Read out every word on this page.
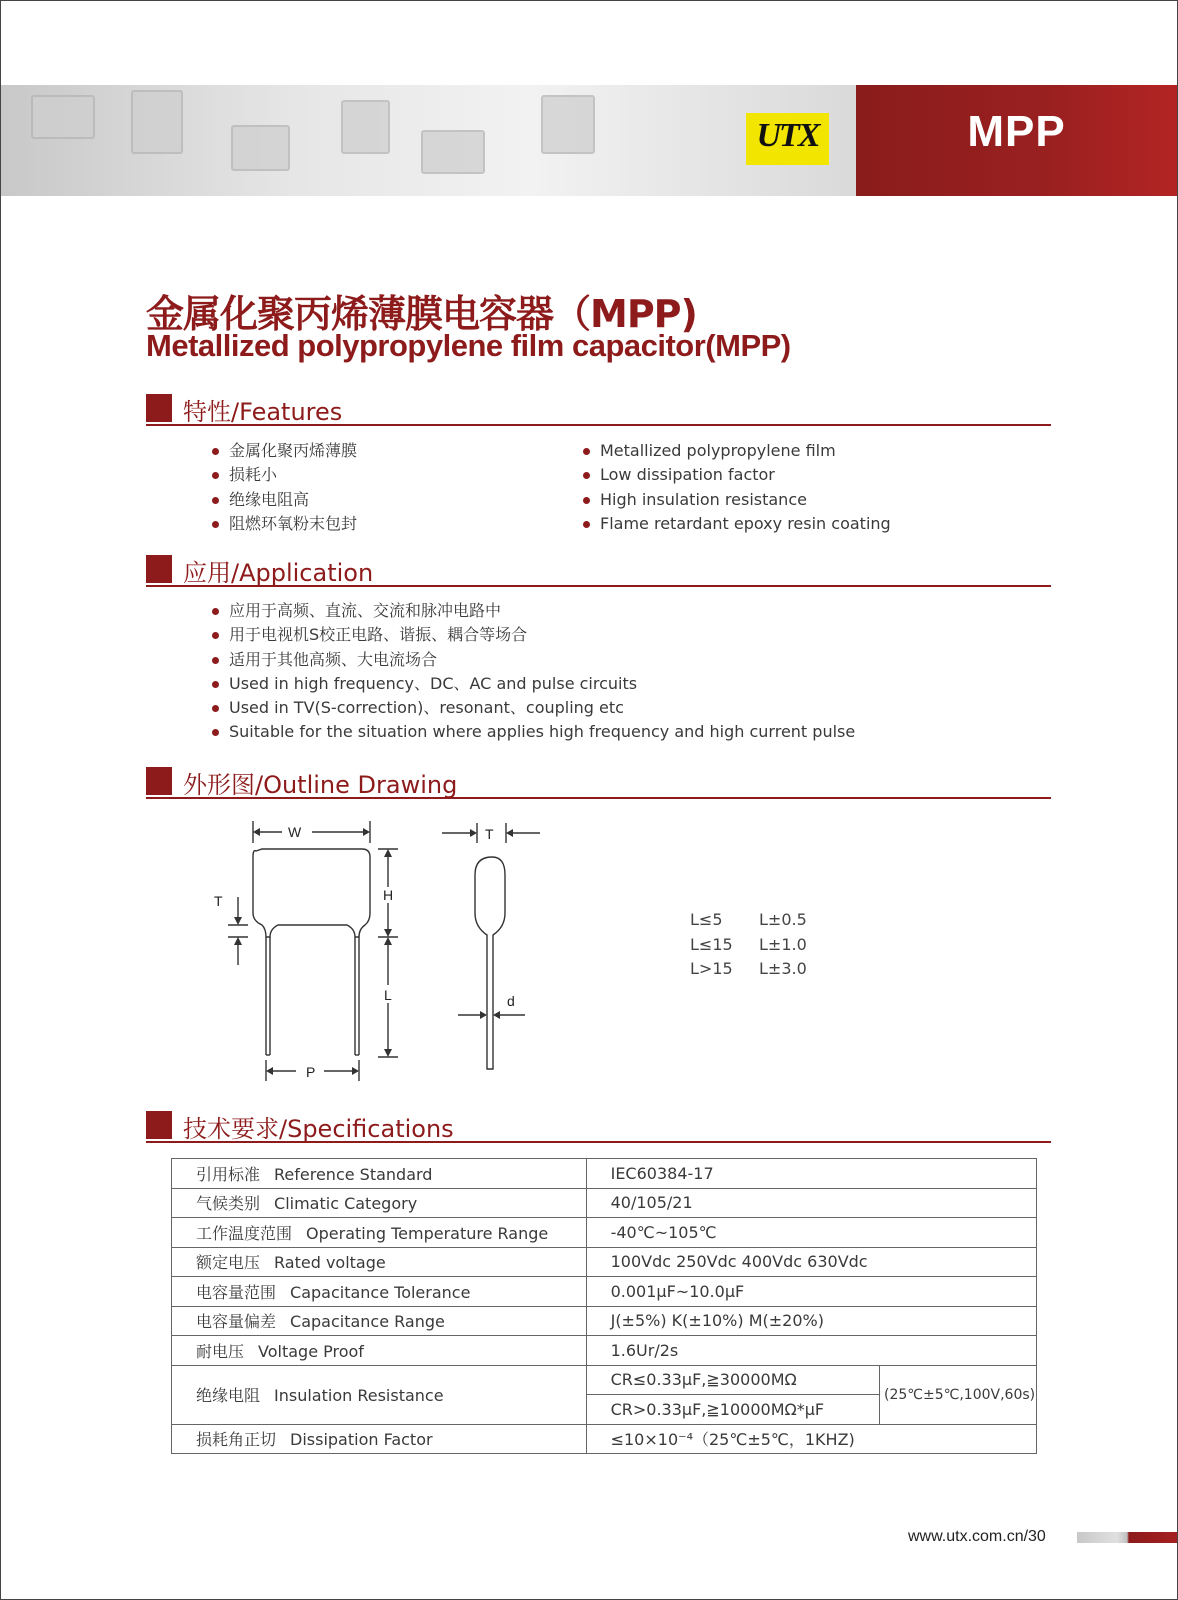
UTX	MPP
金属化聚丙烯薄膜电容器（MPP)
Metallized polypropylene film capacitor(MPP)
特性/Features
金属化聚丙烯薄膜
损耗小
绝缘电阻高
阻燃环氧粉末包封
Metallized polypropylene film
Low dissipation factor
High insulation resistance
Flame retardant epoxy resin coating
应用/Application
应用于高频、直流、交流和脉冲电路中
用于电视机S校正电路、谐振、耦合等场合
适用于其他高频、大电流场合
Used in high frequency、DC、AC and pulse circuits
Used in TV(S-correction)、resonant、coupling etc
Suitable for the situation where applies high frequency and high current pulse
外形图/Outline Drawing
W
T	H
L
P
T
d
L≤5 L±0.5
L≤15 L±1.0
L>15 L±3.0
技术要求/Specifications
引用标准 Reference Standard	IEC60384-17	
气候类别 Climatic Category	40/105/21	
工作温度范围 Operating Temperature Range	-40℃~105℃	
额定电压 Rated voltage	100Vdc 250Vdc 400Vdc 630Vdc	
电容量范围 Capacitance Tolerance	0.001μF~10.0μF	
电容量偏差 Capacitance Range	J(±5%) K(±10%) M(±20%)	
耐电压 Voltage Proof	1.6Ur/2s	
绝缘电阻 Insulation Resistance	CR≤0.33μF,≧30000MΩ	(25℃±5℃,100V,60s)
	CR>0.33μF,≧10000MΩ*μF	
损耗角正切 Dissipation Factor	≤10×10⁻⁴（25℃±5℃，1KHZ)	
www.utx.com.cn/30
